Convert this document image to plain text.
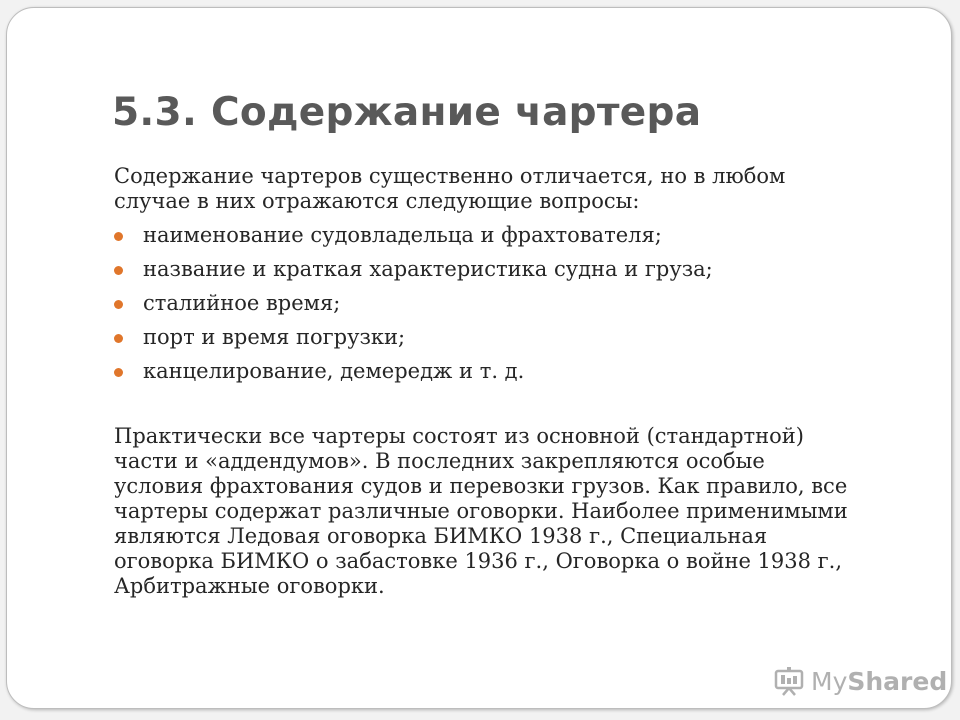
5.3. Содержание чартера

Содержание чартеров существенно отличается, но в любом
случае в них отражаются следующие вопросы:

наименование судовладельца и фрахтователя;
название и краткая характеристика судна и груза;
сталийное время;
порт и время погрузки;
канцелирование, демередж и т. д.

Практически все чартеры состоят из основной (стандартной)
части и «аддендумов». В последних закрепляются особые
условия фрахтования судов и перевозки грузов. Как правило, все
чартеры содержат различные оговорки. Наиболее применимыми
являются Ледовая оговорка БИМКО 1938 г., Специальная
оговорка БИМКО о забастовке 1936 г., Оговорка о войне 1938 г.,
Арбитражные оговорки.

MyShared
